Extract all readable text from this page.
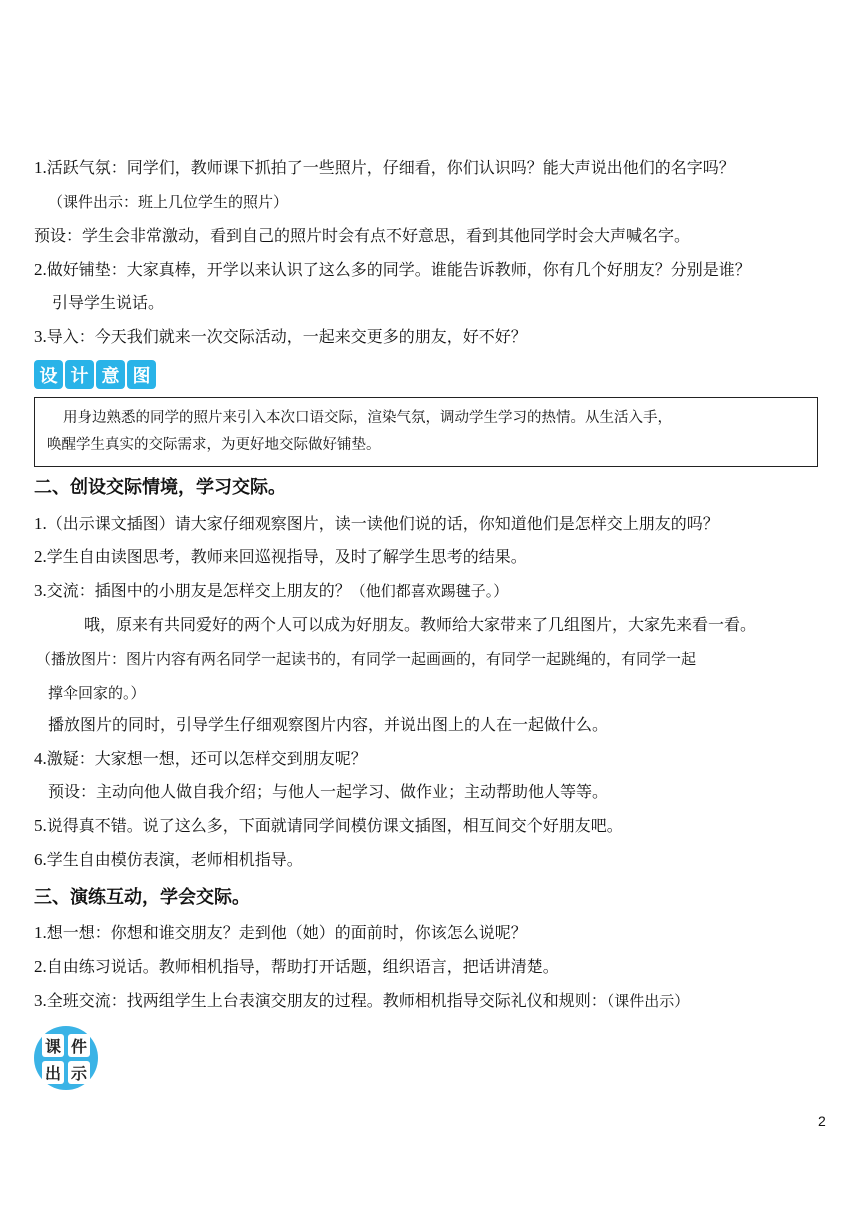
1.活跃气氛：同学们，教师课下抓拍了一些照片，仔细看，你们认识吗？能大声说出他们的名字吗？
（课件出示：班上几位学生的照片）
预设：学生会非常激动，看到自己的照片时会有点不好意思，看到其他同学时会大声喊名字。
2.做好铺垫：大家真棒，开学以来认识了这么多的同学。谁能告诉教师，你有几个好朋友？分别是谁？
引导学生说话。
3.导入：今天我们就来一次交际活动，一起来交更多的朋友，好不好？
设 计 意 图

用身边熟悉的同学的照片来引入本次口语交际，渲染气氛，调动学生学习的热情。从生活入手，

唤醒学生真实的交际需求，为更好地交际做好铺垫。

二、创设交际情境，学习交际。
1.（出示课文插图）请大家仔细观察图片，读一读他们说的话，你知道他们是怎样交上朋友的吗？
2.学生自由读图思考，教师来回巡视指导，及时了解学生思考的结果。
3.交流：插图中的小朋友是怎样交上朋友的？（他们都喜欢踢毽子。）
哦，原来有共同爱好的两个人可以成为好朋友。教师给大家带来了几组图片，大家先来看一看。
（播放图片：图片内容有两名同学一起读书的，有同学一起画画的，有同学一起跳绳的，有同学一起
撑伞回家的。）
播放图片的同时，引导学生仔细观察图片内容，并说出图上的人在一起做什么。
4.激疑：大家想一想，还可以怎样交到朋友呢？
预设：主动向他人做自我介绍；与他人一起学习、做作业；主动帮助他人等等。
5.说得真不错。说了这么多，下面就请同学间模仿课文插图，相互间交个好朋友吧。
6.学生自由模仿表演，老师相机指导。
三、演练互动，学会交际。
1.想一想：你想和谁交朋友？走到他（她）的面前时，你该怎么说呢？
2.自由练习说话。教师相机指导，帮助打开话题，组织语言，把话讲清楚。
3.全班交流：找两组学生上台表演交朋友的过程。教师相机指导交际礼仪和规则：（课件出示）
课 件
出 示
2
